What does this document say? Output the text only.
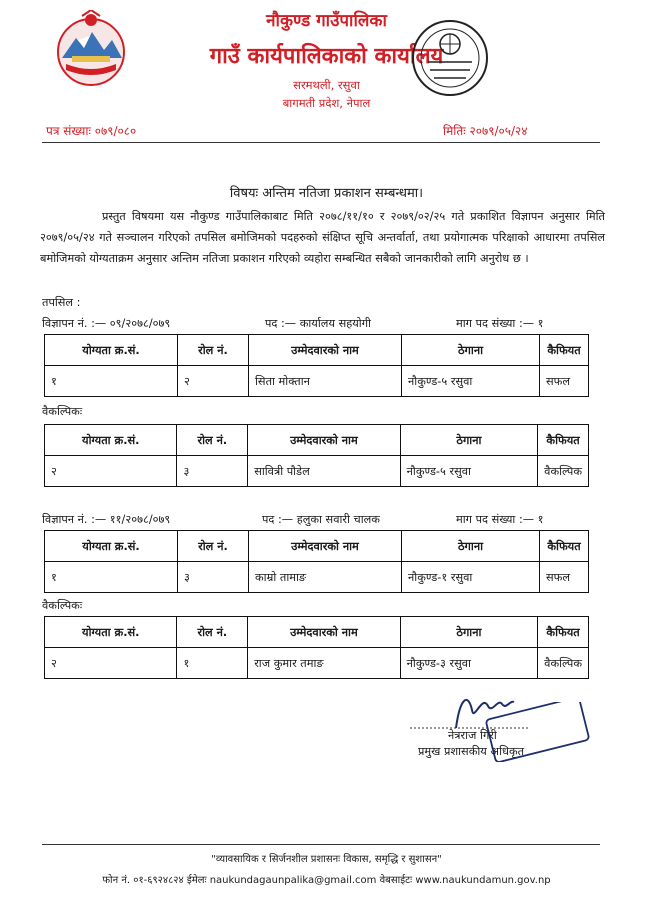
नौकुण्ड गाउँपालिका
गाउँ कार्यपालिकाको कार्यालय
सरमथली, रसुवा
बागमती प्रदेश, नेपाल
पत्र संख्याः ०७९/०८०	मितिः २०७९/०५/२४
विषयः अन्तिम नतिजा प्रकाशन सम्बन्धमा।
प्रस्तुत विषयमा यस नौकुण्ड गाउँपालिकाबाट मिति २०७८/११/१० र २०७९/०२/२५ गते प्रकाशित विज्ञापन अनुसार मिति २०७९/०५/२४ गते सञ्चालन गरिएको तपसिल बमोजिमको पदहरुको संक्षिप्त सूचि अन्तर्वार्ता, तथा प्रयोगात्मक परिक्षाको आधारमा तपसिल बमोजिमको योग्यताक्रम अनुसार अन्तिम नतिजा प्रकाशन गरिएको व्यहोरा सम्बन्धित सबैको जानकारीको लागि अनुरोध छ ।
तपसिल :
विज्ञापन नं. :— ०९/२०७८/०७९	पद :— कार्यालय सहयोगी	माग पद संख्या :— १
योग्यता क्र.सं.	रोल नं.	उम्मेदवारको नाम	ठेगाना	कैफियत
१	२	सिता मोक्तान	नौकुण्ड-५ रसुवा	सफल
वैकल्पिकः
योग्यता क्र.सं.	रोल नं.	उम्मेदवारको नाम	ठेगाना	कैफियत
२	३	सावित्री पौडेल	नौकुण्ड-५ रसुवा	वैकल्पिक
विज्ञापन नं. :— ११/२०७८/०७९	पद :— हलुका सवारी चालक	माग पद संख्या :— १
योग्यता क्र.सं.	रोल नं.	उम्मेदवारको नाम	ठेगाना	कैफियत
१	३	काम्रो तामाङ	नौकुण्ड-१ रसुवा	सफल
वैकल्पिकः
योग्यता क्र.सं.	रोल नं.	उम्मेदवारको नाम	ठेगाना	कैफियत
२	१	राज कुमार तमाङ	नौकुण्ड-३ रसुवा	वैकल्पिक
नेत्रराज गिरी
प्रमुख प्रशासकीय अधिकृत
"व्यावसायिक र सिर्जनशील प्रशासनः विकास, समृद्धि र सुशासन"
फोन नं. ०१-६९२४८२४ ईमेलः naukundagaunpalika@gmail.com वेबसाईटः www.naukundamun.gov.np
